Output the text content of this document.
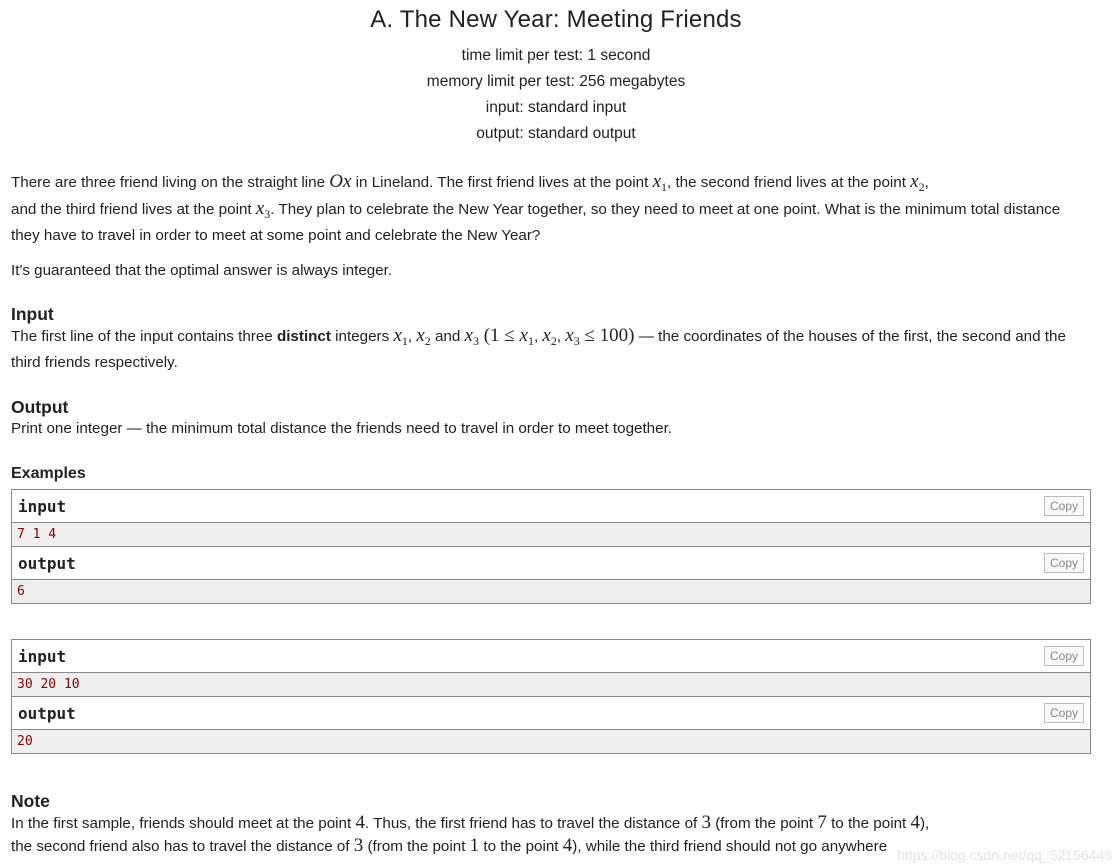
A. The New Year: Meeting Friends
time limit per test: 1 second
memory limit per test: 256 megabytes
input: standard input
output: standard output

There are three friend living on the straight line Ox in Lineland. The first friend lives at the point $x_1$, the second friend lives at the point $x_2$,
and the third friend lives at the point $x_3$. They plan to celebrate the New Year together, so they need to meet at one point. What is the minimum total distance they have to travel in order to meet at some point and celebrate the New Year?

It's guaranteed that the optimal answer is always integer.

Input

The first line of the input contains three distinct integers $x_1$, $x_2$ and $x_3$ ($1 \le x_1$, $x_2$, $x_3 \le 100$) — the coordinates of the houses of the first, the second and the third friends respectively.

Output

Print one integer — the minimum total distance the friends need to travel in order to meet together.

Examples
input	Copy
7 1 4
output	Copy
6
input	Copy
30 20 10
output	Copy
20
Note

In the first sample, friends should meet at the point 4. Thus, the first friend has to travel the distance of 3 (from the point 7 to the point 4),
the second friend also has to travel the distance of 3 (from the point 1 to the point 4), while the third friend should not go anywhere https://blog.csdn.net/qq_52156445
